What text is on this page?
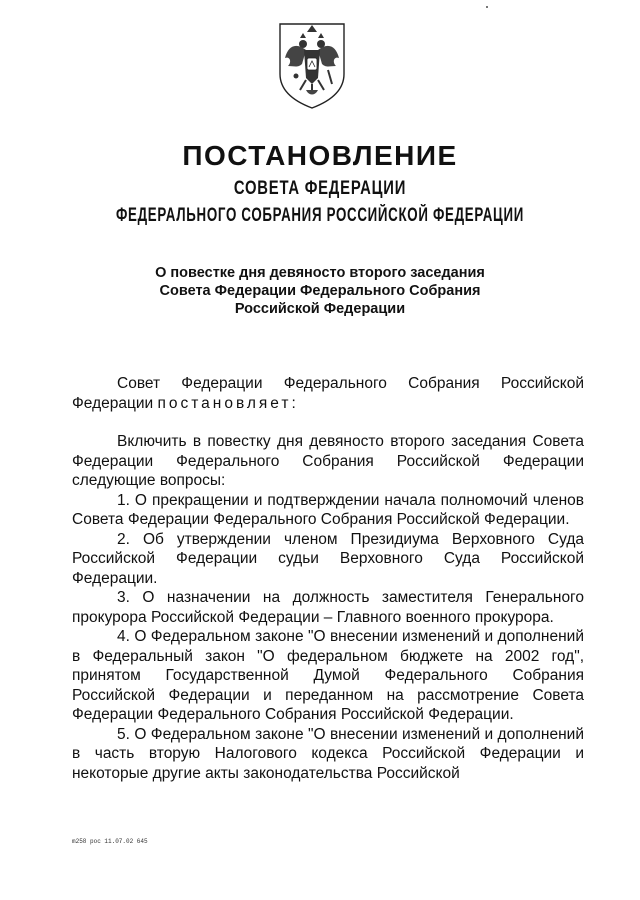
ПОСТАНОВЛЕНИЕ
СОВЕТА ФЕДЕРАЦИИ
ФЕДЕРАЛЬНОГО СОБРАНИЯ РОССИЙСКОЙ ФЕДЕРАЦИИ
О повестке дня девяносто второго заседания
Совета Федерации Федерального Собрания
Российской Федерации

Совет Федерации Федерального Собрания Российской Федерации постановляет:

Включить в повестку дня девяносто второго заседания Совета Федерации Федерального Собрания Российской Федерации следующие вопросы:

1. О прекращении и подтверждении начала полномочий членов Совета Федерации Федерального Собрания Российской Федерации.

2. Об утверждении членом Президиума Верховного Суда Российской Федерации судьи Верховного Суда Российской Федерации.

3. О назначении на должность заместителя Генерального прокурора Российской Федерации – Главного военного прокурора.

4. О Федеральном законе "О внесении изменений и дополнений в Федеральный закон "О федеральном бюджете на 2002 год", принятом Государственной Думой Федерального Собрания Российской Федерации и переданном на рассмотрение Совета Федерации Федерального Собрания Российской Федерации.

5. О Федеральном законе "О внесении изменений и дополнений в часть вторую Налогового кодекса Российской Федерации и некоторые другие акты законодательства Российской

m258 рос 11.07.02 645
